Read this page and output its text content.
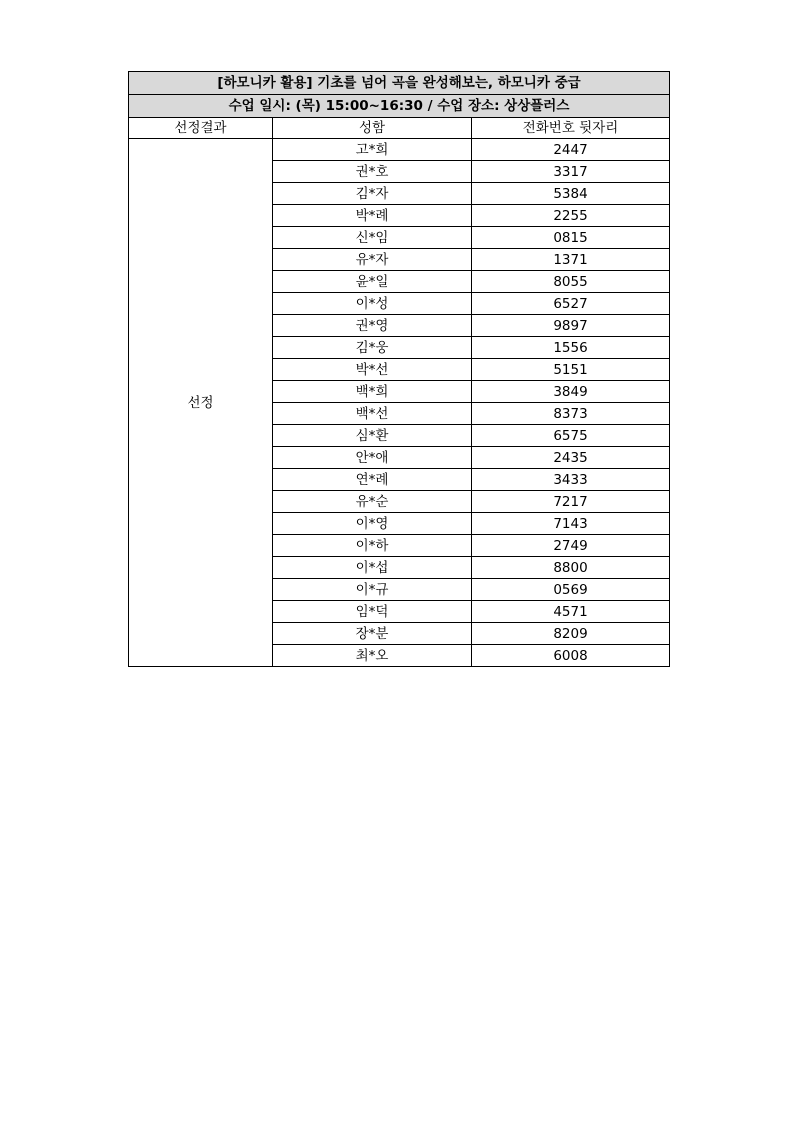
[하모니카 활용] 기초를 넘어 곡을 완성해보는, 하모니카 중급		
수업 일시: (목) 15:00~16:30 / 수업 장소: 상상플러스		
선정결과	성함	전화번호 뒷자리
선정	고*희	2447
	권*호	3317
	김*자	5384
	박*례	2255
	신*임	0815
	유*자	1371
	윤*일	8055
	이*성	6527
	권*영	9897
	김*웅	1556
	박*선	5151
	백*희	3849
	백*선	8373
	심*환	6575
	안*애	2435
	연*례	3433
	유*순	7217
	이*영	7143
	이*하	2749
	이*섭	8800
	이*규	0569
	임*덕	4571
	장*분	8209
	최*오	6008
